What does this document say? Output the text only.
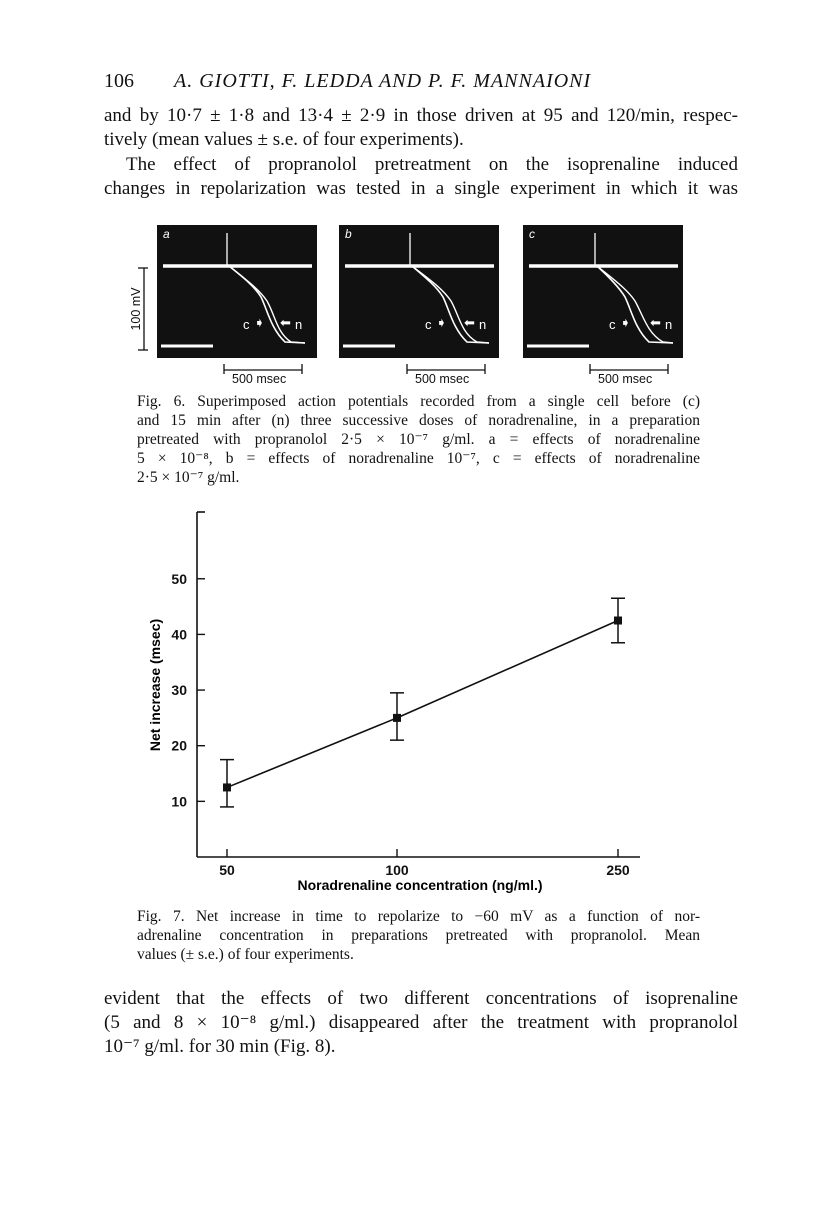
106 A. GIOTTI, F. LEDDA AND P. F. MANNAIONI
and by 10·7 ± 1·8 and 13·4 ± 2·9 in those driven at 95 and 120/min, respec-
tively (mean values ± s.e. of four experiments).
The effect of propranolol pretreatment on the isoprenaline induced
changes in repolarization was tested in a single experiment in which it was
100 mV
a
c ➧ ⬅ n
b
c ➧ ⬅ n
c
c ➧ ⬅ n
500 msec	500 msec	500 msec
Fig. 6. Superimposed action potentials recorded from a single cell before (c)
and 15 min after (n) three successive doses of noradrenaline, in a preparation
pretreated with propranolol 2·5 × 10⁻⁷ g/ml. a = effects of noradrenaline
5 × 10⁻⁸, b = effects of noradrenaline 10⁻⁷, c = effects of noradrenaline
2·5 × 10⁻⁷ g/ml.
10
20
30
40
50
50	100	250
Net increase (msec)
Noradrenaline concentration (ng/ml.)
Fig. 7. Net increase in time to repolarize to −60 mV as a function of nor-
adrenaline concentration in preparations pretreated with propranolol. Mean
values (± s.e.) of four experiments.
evident that the effects of two different concentrations of isoprenaline
(5 and 8 × 10⁻⁸ g/ml.) disappeared after the treatment with propranolol
10⁻⁷ g/ml. for 30 min (Fig. 8).
